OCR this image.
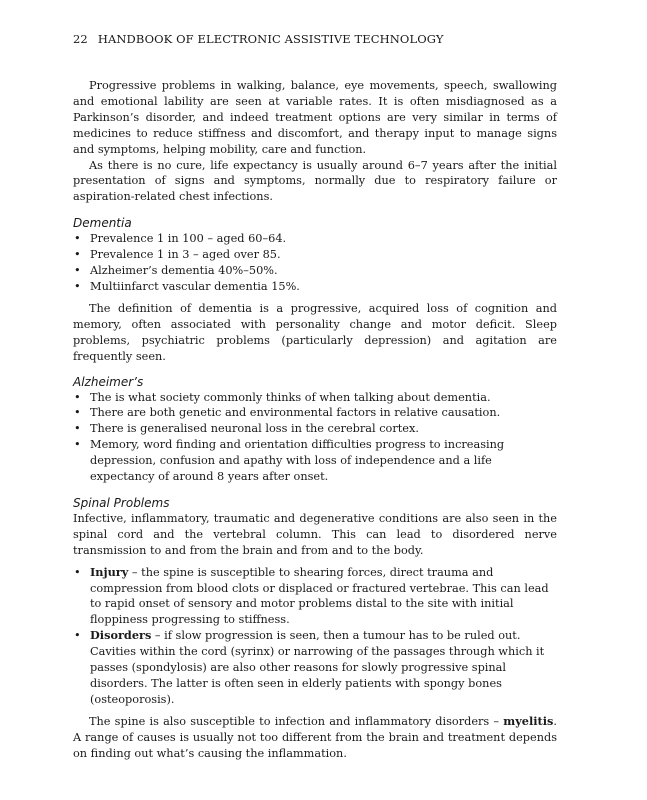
22 HANDBOOK OF ELECTRONIC ASSISTIVE TECHNOLOGY

Progressive problems in walking, balance, eye movements, speech, swallowing and emotional lability are seen at variable rates. It is often misdiagnosed as a Parkinson’s disorder, and indeed treatment options are very similar in terms of medicines to reduce stiffness and discomfort, and therapy input to manage signs and symptoms, helping mobility, care and function.

As there is no cure, life expectancy is usually around 6–7 years after the initial presentation of signs and symptoms, normally due to respiratory failure or aspiration-related chest infections.

Dementia
• Prevalence 1 in 100 – aged 60–64.
• Prevalence 1 in 3 – aged over 85.
• Alzheimer’s dementia 40%–50%.
• Multiinfarct vascular dementia 15%.

The definition of dementia is a progressive, acquired loss of cognition and memory, often associated with personality change and motor deficit. Sleep problems, psychiatric problems (particularly depression) and agitation are frequently seen.

Alzheimer’s
• The is what society commonly thinks of when talking about dementia.
• There are both genetic and environmental factors in relative causation.
• There is generalised neuronal loss in the cerebral cortex.
• Memory, word finding and orientation difficulties progress to increasing depression, confusion and apathy with loss of independence and a life expectancy of around 8 years after onset.
Spinal Problems

Infective, inflammatory, traumatic and degenerative conditions are also seen in the spinal cord and the vertebral column. This can lead to disordered nerve transmission to and from the brain and from and to the body.

• Injury – the spine is susceptible to shearing forces, direct trauma and compression from blood clots or displaced or fractured vertebrae. This can lead to rapid onset of sensory and motor problems distal to the site with initial floppiness progressing to stiffness.
• Disorders – if slow progression is seen, then a tumour has to be ruled out. Cavities within the cord (syrinx) or narrowing of the passages through which it passes (spondylosis) are also other reasons for slowly progressive spinal disorders. The latter is often seen in elderly patients with spongy bones (osteoporosis).

The spine is also susceptible to infection and inflammatory disorders – myelitis. A range of causes is usually not too different from the brain and treatment depends on finding out what’s causing the inflammation.
